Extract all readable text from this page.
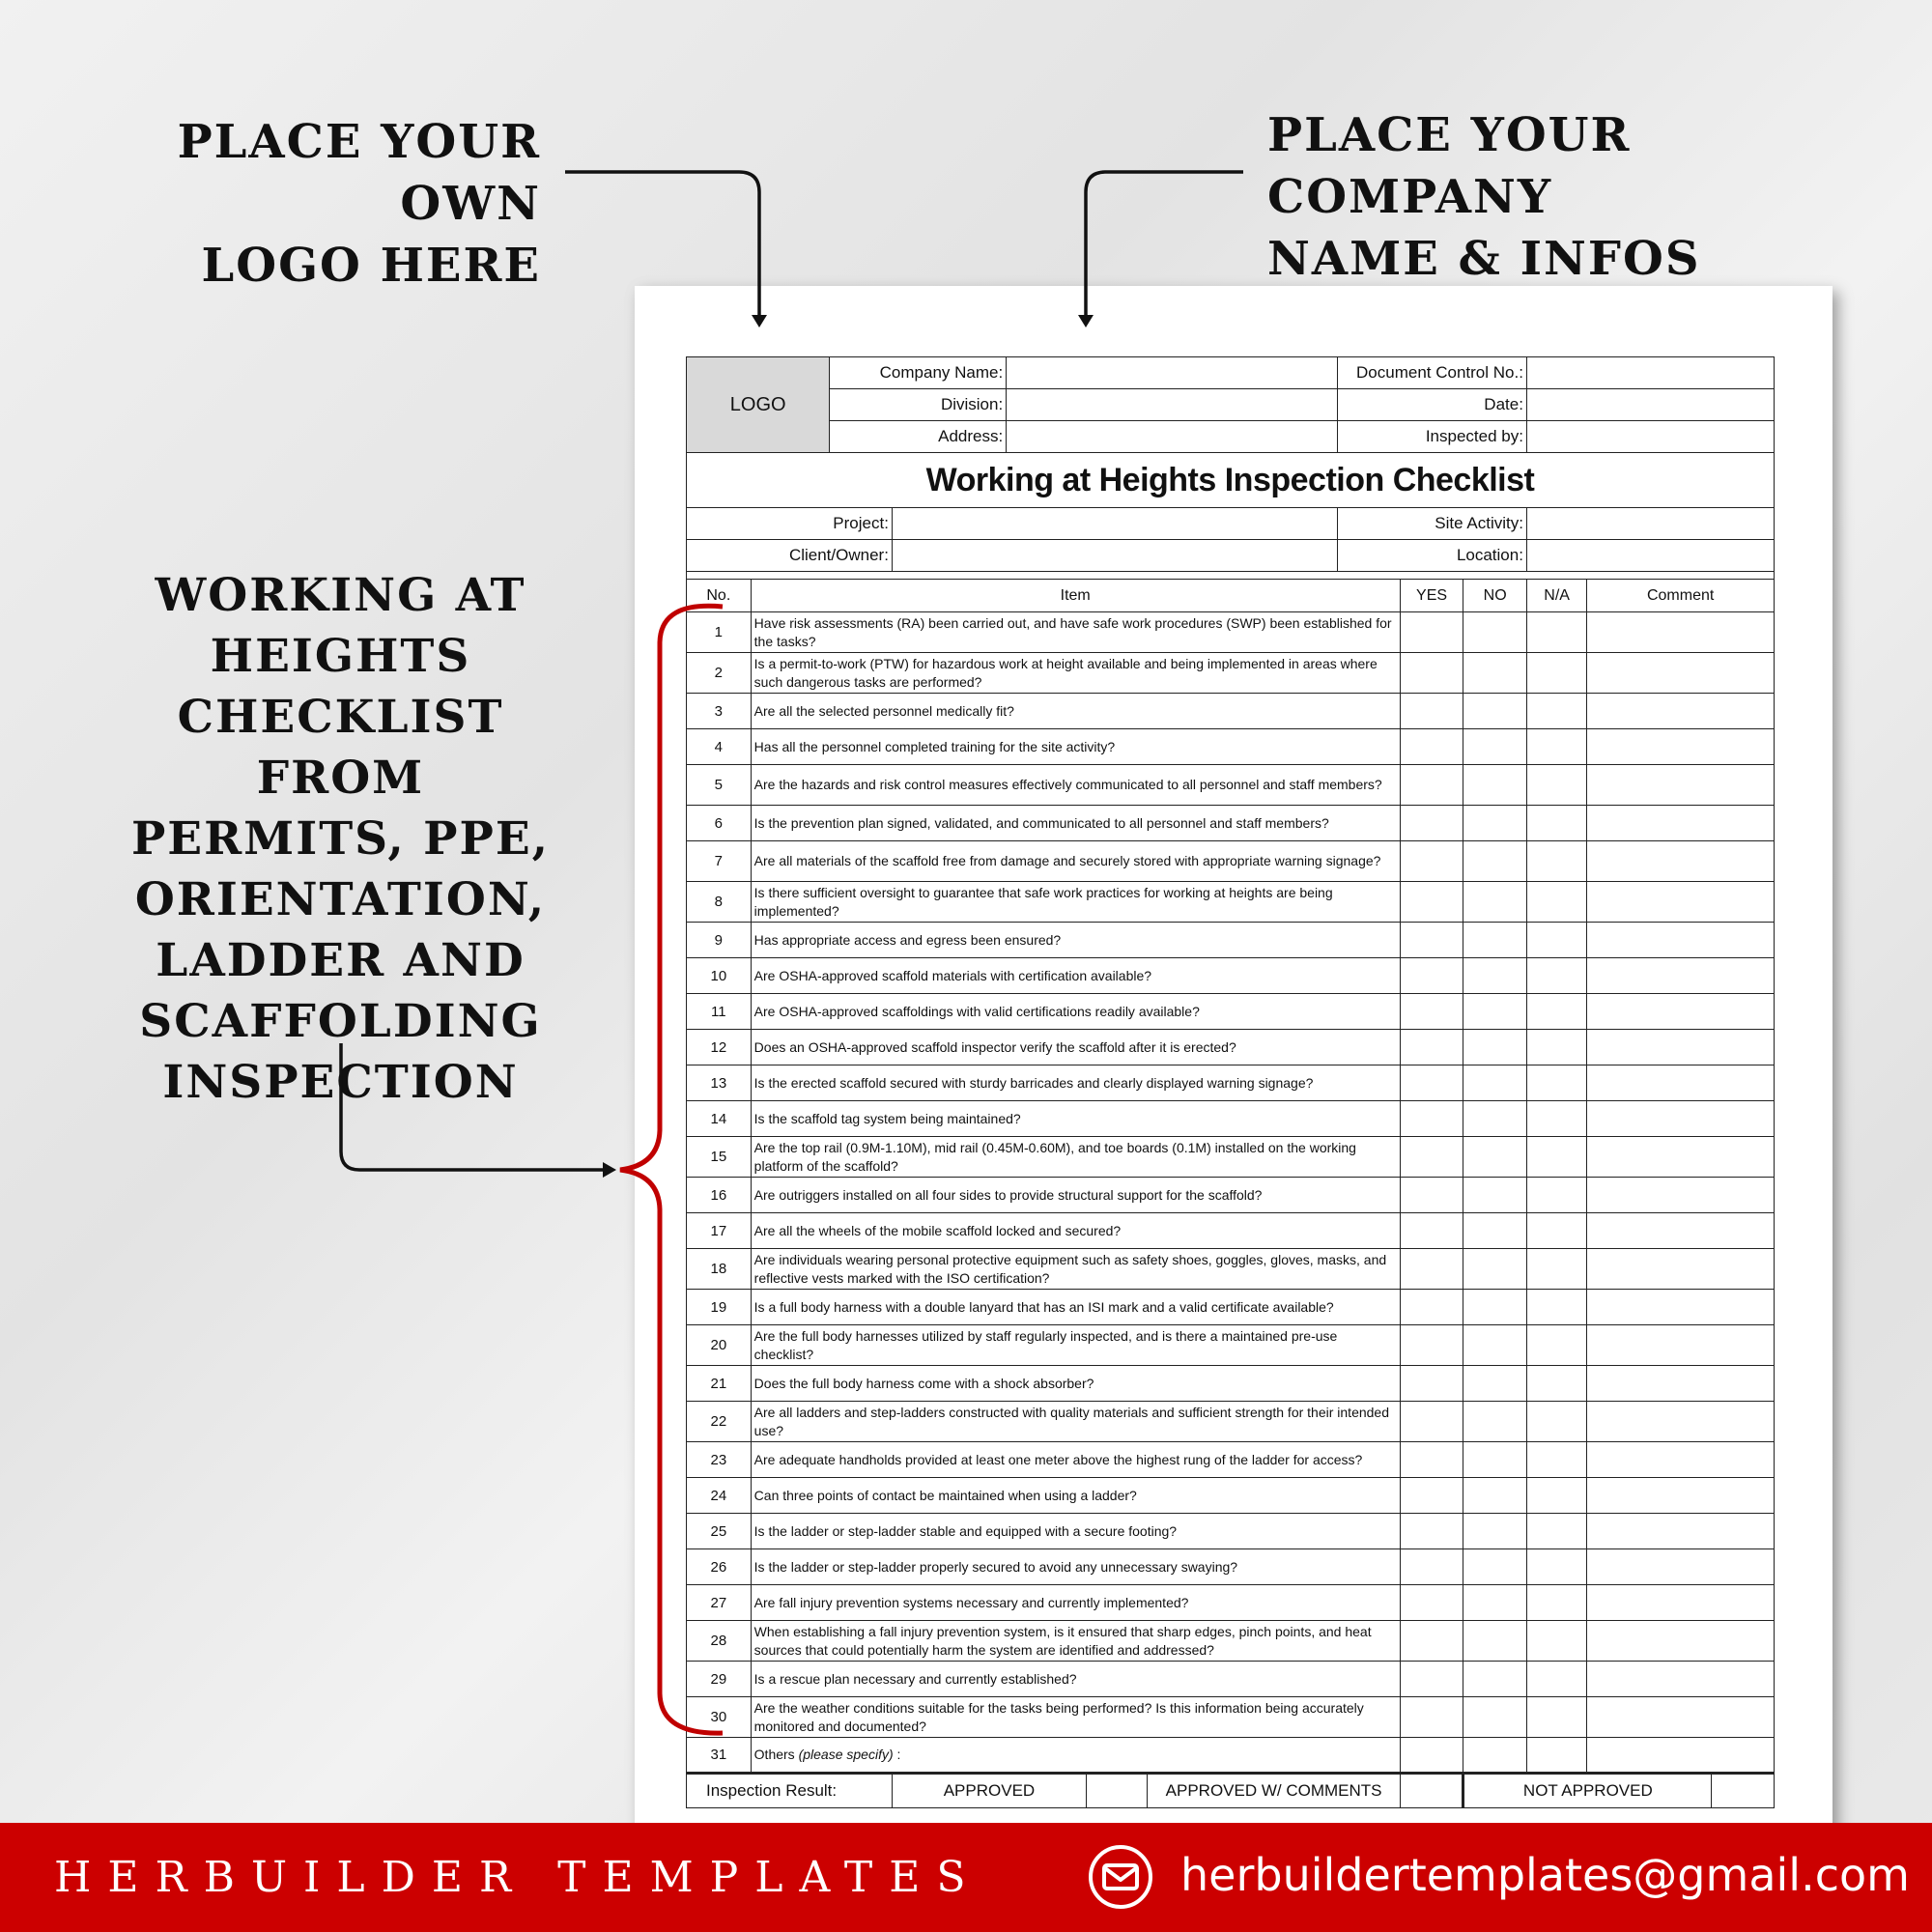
PLACE YOUR OWN
LOGO HERE
PLACE YOUR COMPANY
NAME & INFOS
WORKING AT
HEIGHTS
CHECKLIST FROM
PERMITS, PPE,
ORIENTATION,
LADDER AND
SCAFFOLDING
INSPECTION
LOGO		Company Name:					Document Control No.:					
		Division:					Date:					
		Address:					Inspected by:					
Working at Heights Inspection Checklist												
Project:							Site Activity:					
Client/Owner:							Location:					

No.	Item							YES	NO	N/A	Comment	
1	Have risk assessments (RA) been carried out, and have safe work procedures (SWP) been established for the tasks?											
2	Is a permit-to-work (PTW) for hazardous work at height available and being implemented in areas where such dangerous tasks are performed?											
3	Are all the selected personnel medically fit?											
4	Has all the personnel completed training for the site activity?											
5	Are the hazards and risk control measures effectively communicated to all personnel and staff members?											
6	Is the prevention plan signed, validated, and communicated to all personnel and staff members?											
7	Are all materials of the scaffold free from damage and securely stored with appropriate warning signage?											
8	Is there sufficient oversight to guarantee that safe work practices for working at heights are being implemented?											
9	Has appropriate access and egress been ensured?											
10	Are OSHA-approved scaffold materials with certification available?											
11	Are OSHA-approved scaffoldings with valid certifications readily available?											
12	Does an OSHA-approved scaffold inspector verify the scaffold after it is erected?											
13	Is the erected scaffold secured with sturdy barricades and clearly displayed warning signage?											
14	Is the scaffold tag system being maintained?											
15	Are the top rail (0.9M-1.10M), mid rail (0.45M-0.60M), and toe boards (0.1M) installed on the working platform of the scaffold?											
16	Are outriggers installed on all four sides to provide structural support for the scaffold?											
17	Are all the wheels of the mobile scaffold locked and secured?											
18	Are individuals wearing personal protective equipment such as safety shoes, goggles, gloves, masks, and reflective vests marked with the ISO certification?											
19	Is a full body harness with a double lanyard that has an ISI mark and a valid certificate available?											
20	Are the full body harnesses utilized by staff regularly inspected, and is there a maintained pre-use checklist?											
21	Does the full body harness come with a shock absorber?											
22	Are all ladders and step-ladders constructed with quality materials and sufficient strength for their intended use?											
23	Are adequate handholds provided at least one meter above the highest rung of the ladder for access?											
24	Can three points of contact be maintained when using a ladder?											
25	Is the ladder or step-ladder stable and equipped with a secure footing?											
26	Is the ladder or step-ladder properly secured to avoid any unnecessary swaying?											
27	Are fall injury prevention systems necessary and currently implemented?											
28	When establishing a fall injury prevention system, is it ensured that sharp edges, pinch points, and heat sources that could potentially harm the system are identified and addressed?											
29	Is a rescue plan necessary and currently established?											
30	Are the weather conditions suitable for the tasks being performed? Is this information being accurately monitored and documented?											
31	Others (please specify) :											
Inspection Result:			APPROVED			APPROVED W/ COMMENTS			NOT APPROVED			
HERBUILDER TEMPLATES	herbuildertemplates@gmail.com
